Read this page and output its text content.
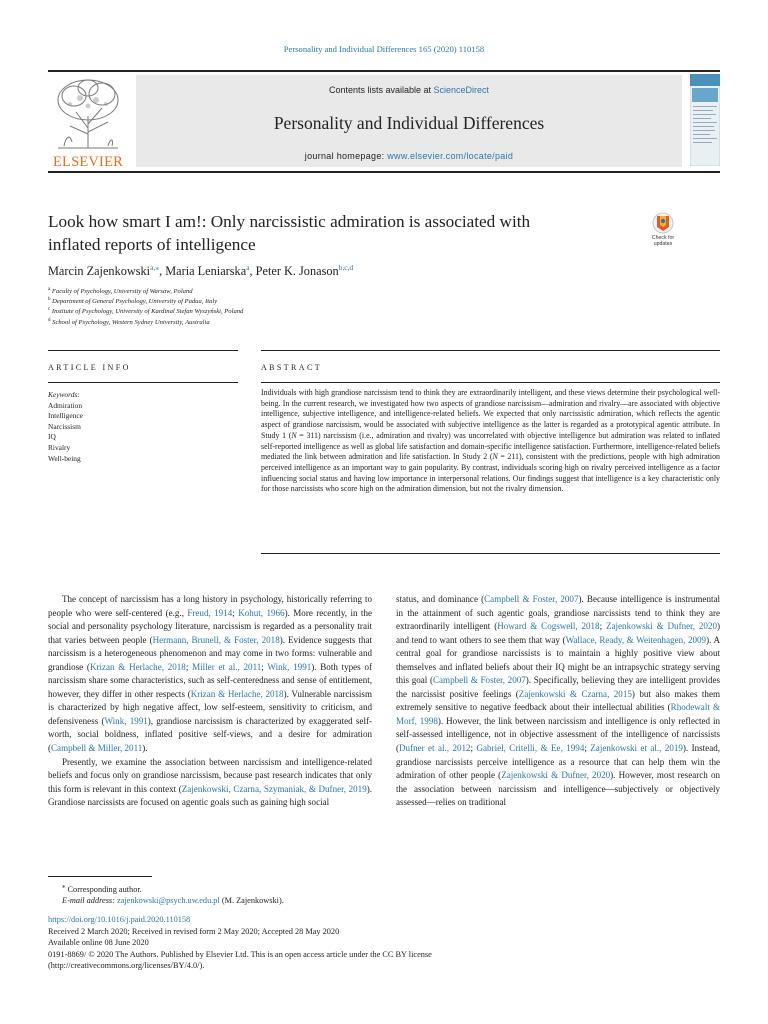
Personality and Individual Differences 165 (2020) 110158
ELSEVIER
Contents lists available at ScienceDirect
Personality and Individual Differences
journal homepage: www.elsevier.com/locate/paid
Look how smart I am!: Only narcissistic admiration is associated with
inflated reports of intelligence	Check for
updates
Marcin Zajenkowski$^{a,⁎}$, Maria Leniarska$^a$, Peter K. Jonason$^{b,c,d}$
$^a$ Faculty of Psychology, University of Warsaw, Poland
$^b$ Department of General Psychology, University of Padua, Italy
$^c$ Institute of Psychology, University of Kardinal Stefan Wyszyński, Poland
$^d$ School of Psychology, Western Sydney University, Australia
ARTICLE INFO	ABSTRACT
Keywords:
Admiration
Intelligence
Narcissism
IQ
Rivalry
Well-being
Individuals with high grandiose narcissism tend to think they are extraordinarily intelligent, and these views determine their psychological well-being. In the current research, we investigated how two aspects of grandiose narcissism—admiration and rivalry—are associated with objective intelligence, subjective intelligence, and intelligence-related beliefs. We expected that only narcissistic admiration, which reflects the agentic aspect of grandiose narcissism, would be associated with subjective intelligence as the latter is regarded as a prototypical agentic attribute. In Study 1 (N = 311) narcissism (i.e., admiration and rivalry) was uncorrelated with objective intelligence but admiration was related to inflated self-reported intelligence as well as global life satisfaction and domain-specific intelligence satisfaction. Furthermore, intelligence-related beliefs mediated the link between admiration and life satisfaction. In Study 2 (N = 211), consistent with the predictions, people with high admiration perceived intelligence as an important way to gain popularity. By contrast, individuals scoring high on rivalry perceived intelligence as a factor influencing social status and having low importance in interpersonal relations. Our findings suggest that intelligence is a key characteristic only for those narcissists who score high on the admiration dimension, but not the rivalry dimension.

The concept of narcissism has a long history in psychology, historically referring to people who were self-centered (e.g., Freud, 1914; Kohut, 1966). More recently, in the social and personality psychology literature, narcissism is regarded as a personality trait that varies between people (Hermann, Brunell, & Foster, 2018). Evidence suggests that narcissism is a heterogeneous phenomenon and may come in two forms: vulnerable and grandiose (Krizan & Herlache, 2018; Miller et al., 2011; Wink, 1991). Both types of narcissism share some characteristics, such as self-centeredness and sense of entitlement, however, they differ in other respects (Krizan & Herlache, 2018). Vulnerable narcissism is characterized by high negative affect, low self-esteem, sensitivity to criticism, and defensiveness (Wink, 1991), grandiose narcissism is characterized by exaggerated self-worth, social boldness, inflated positive self-views, and a desire for admiration (Campbell & Miller, 2011).

Presently, we examine the association between narcissism and intelligence-related beliefs and focus only on grandiose narcissism, because past research indicates that only this form is relevant in this context (Zajenkowski, Czarna, Szymaniak, & Dufner, 2019). Grandiose narcissists are focused on agentic goals such as gaining high social

status, and dominance (Campbell & Foster, 2007). Because intelligence is instrumental in the attainment of such agentic goals, grandiose narcissists tend to think they are extraordinarily intelligent (Howard & Cogswell, 2018; Zajenkowski & Dufner, 2020) and tend to want others to see them that way (Wallace, Ready, & Weitenhagen, 2009). A central goal for grandiose narcissists is to maintain a highly positive view about themselves and inflated beliefs about their IQ might be an intrapsychic strategy serving this goal (Campbell & Foster, 2007). Specifically, believing they are intelligent provides the narcissist positive feelings (Zajenkowski & Czarna, 2015) but also makes them extremely sensitive to negative feedback about their intellectual abilities (Rhodewalt & Morf, 1998). However, the link between narcissism and intelligence is only reflected in self-assessed intelligence, not in objective assessment of the intelligence of narcissists (Dufner et al., 2012; Gabriel, Critelli, & Ee, 1994; Zajenkowski et al., 2019). Instead, grandiose narcissists perceive intelligence as a resource that can help them win the admiration of other people (Zajenkowski & Dufner, 2020). However, most research on the association between narcissism and intelligence—subjectively or objectively assessed—relies on traditional

⁎ Corresponding author.
E-mail address: zajenkowski@psych.uw.edu.pl (M. Zajenkowski).
https://doi.org/10.1016/j.paid.2020.110158
Received 2 March 2020; Received in revised form 2 May 2020; Accepted 28 May 2020
Available online 08 June 2020
0191-8869/ © 2020 The Authors. Published by Elsevier Ltd. This is an open access article under the CC BY license
(http://creativecommons.org/licenses/BY/4.0/).
